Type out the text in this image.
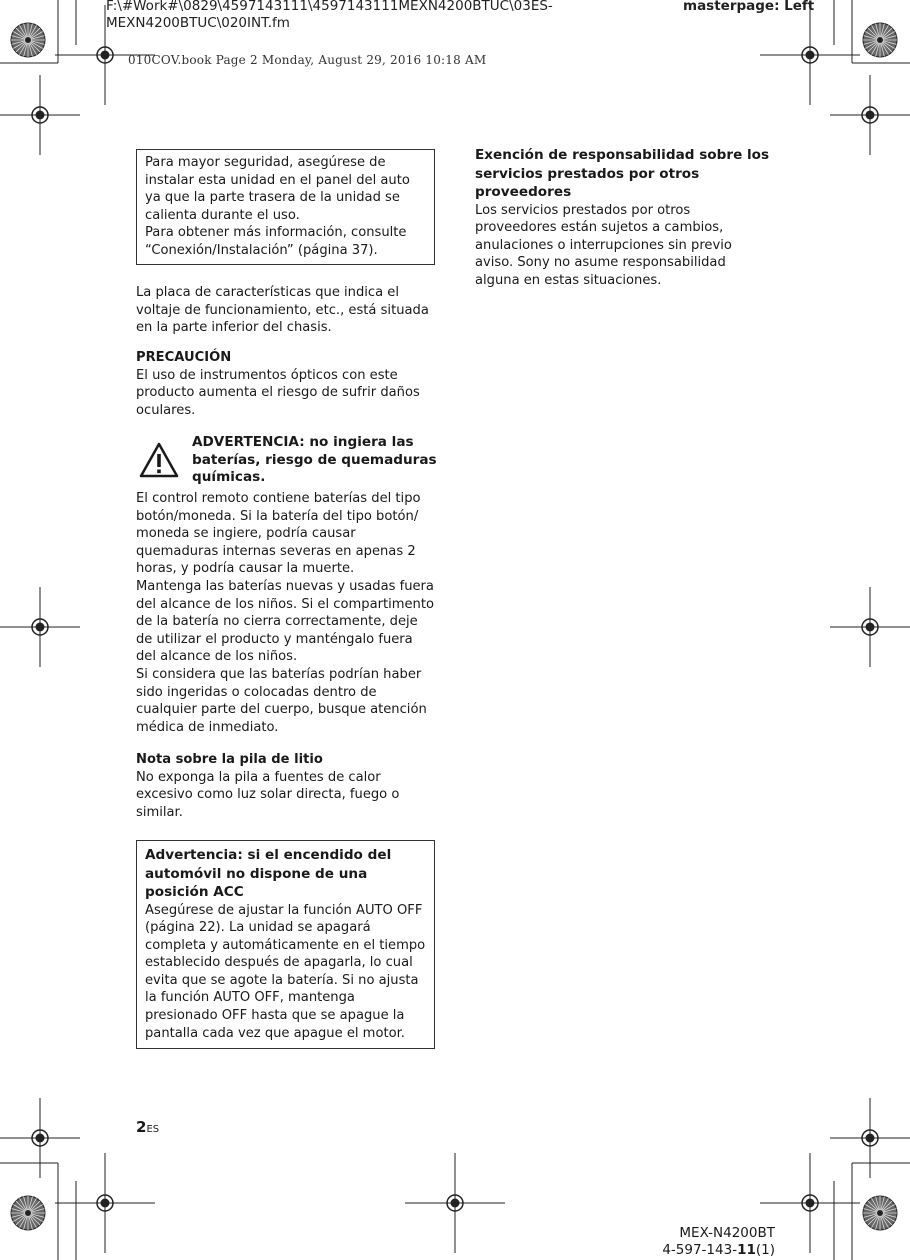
F:\#Work#\0829\4597143111\4597143111MEXN4200BTUC\03ES-MEXN4200BTUC\020INT.fm
masterpage: Left
010COV.book Page 2 Monday, August 29, 2016 10:18 AM
Para mayor seguridad, asegúrese de instalar esta unidad en el panel del auto ya que la parte trasera de la unidad se calienta durante el uso.
Para obtener más información, consulte “Conexión/Instalación” (página 37).
La placa de características que indica el voltaje de funcionamiento, etc., está situada en la parte inferior del chasis.
PRECAUCIÓN
El uso de instrumentos ópticos con este producto aumenta el riesgo de sufrir daños oculares.
ADVERTENCIA: no ingiera las baterías, riesgo de quemaduras químicas.
El control remoto contiene baterías del tipo botón/moneda. Si la batería del tipo botón/ moneda se ingiere, podría causar quemaduras internas severas en apenas 2 horas, y podría causar la muerte.
Mantenga las baterías nuevas y usadas fuera del alcance de los niños. Si el compartimento de la batería no cierra correctamente, deje de utilizar el producto y manténgalo fuera del alcance de los niños.
Si considera que las baterías podrían haber sido ingeridas o colocadas dentro de cualquier parte del cuerpo, busque atención médica de inmediato.
Nota sobre la pila de litio
No exponga la pila a fuentes de calor excesivo como luz solar directa, fuego o similar.
Advertencia: si el encendido del automóvil no dispone de una posición ACC
Asegúrese de ajustar la función AUTO OFF (página 22). La unidad se apagará completa y automáticamente en el tiempo establecido después de apagarla, lo cual evita que se agote la batería. Si no ajusta la función AUTO OFF, mantenga presionado OFF hasta que se apague la pantalla cada vez que apague el motor.
Exención de responsabilidad sobre los servicios prestados por otros proveedores
Los servicios prestados por otros proveedores están sujetos a cambios, anulaciones o interrupciones sin previo aviso. Sony no asume responsabilidad alguna en estas situaciones.
2ES
MEX-N4200BT
4-597-143-11(1)
